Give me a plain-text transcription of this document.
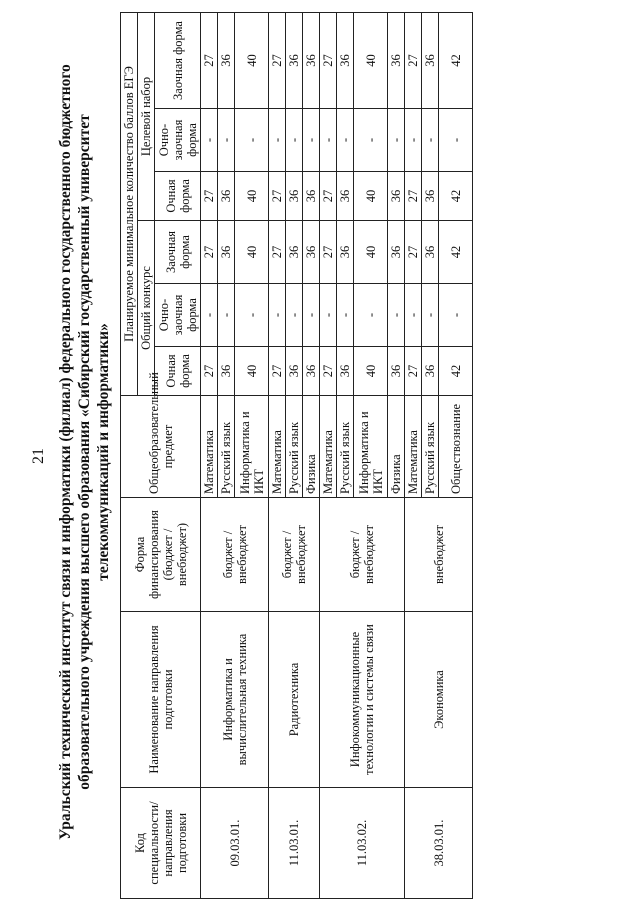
21 Уральский технический институт связи и информатики (филиал) федерального государственного бюджетного образовательного учреждения высшего образования «Сибирский государственный университет телекоммуникаций и информатики»
Код специальности/ направления подготовки	Наименование направления подготовки	Форма финансирования (бюджет / внебюджет)	Общеобразовательный предмет	Планируемое минимальное количество баллов ЕГЭ					
				Общий конкурс			Целевой набор		
				Очная форма	Очно-заочная форма	Заочная форма	Очная форма	Очно-заочная форма	Заочная форма
09.03.01.	Информатика и вычислительная техника	бюджет / внебюджет	Математика	27	-	27	27	-	27
			Русский язык	36	-	36	36	-	36
			Информатика и ИКТ	40	-	40	40	-	40
11.03.01.	Радиотехника	бюджет / внебюджет	Математика	27	-	27	27	-	27
			Русский язык	36	-	36	36	-	36
			Физика	36	-	36	36	-	36
11.03.02.	Инфокоммуникационные технологии и системы связи	бюджет / внебюджет	Математика	27	-	27	27	-	27
			Русский язык	36	-	36	36	-	36
			Информатика и ИКТ	40	-	40	40	-	40
			Физика	36	-	36	36	-	36
38.03.01.	Экономика	внебюджет	Математика	27	-	27	27	-	27
			Русский язык	36	-	36	36	-	36
			Обществознание	42	-	42	42	-	42
